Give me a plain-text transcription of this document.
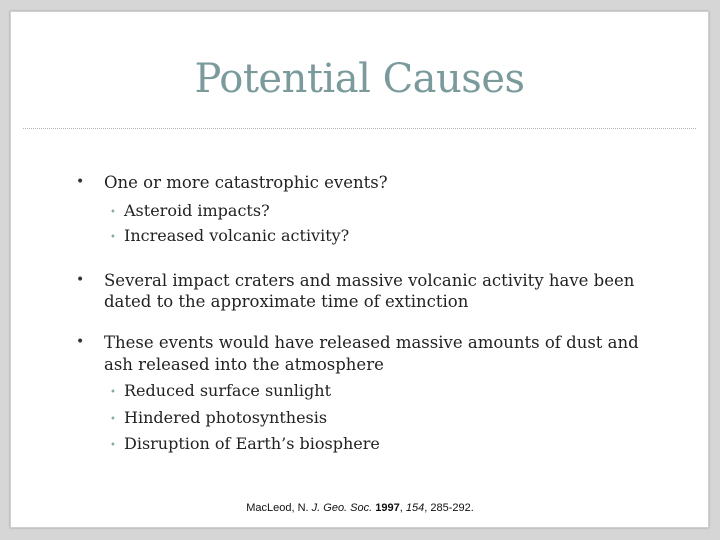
Potential Causes
• One or more catastrophic events?
• Asteroid impacts?
• Increased volcanic activity?
• Several impact craters and massive volcanic activity have been
dated to the approximate time of extinction
• These events would have released massive amounts of dust and
ash released into the atmosphere
• Reduced surface sunlight
• Hindered photosynthesis
• Disruption of Earth’s biosphere
MacLeod, N. J. Geo. Soc. 1997, 154, 285-292.
